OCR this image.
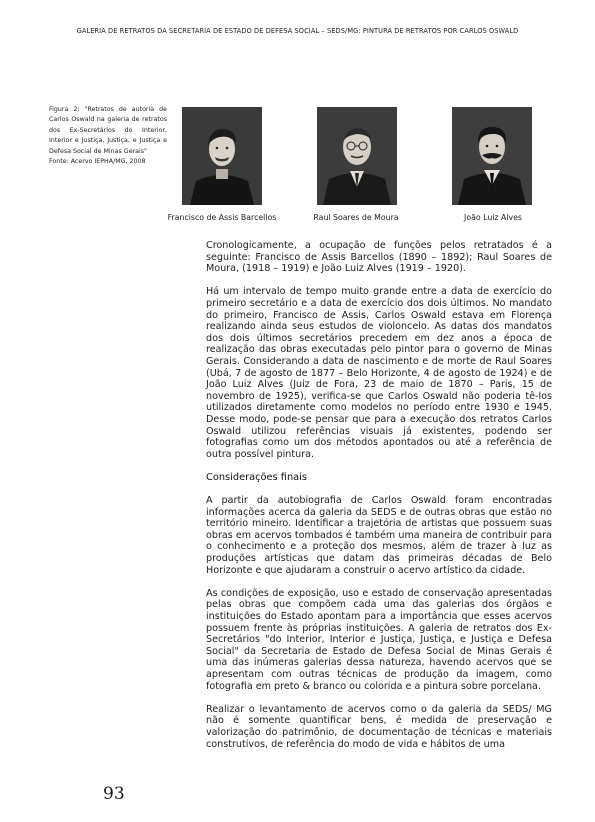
GALERIA DE RETRATOS DA SECRETARIA DE ESTADO DE DEFESA SOCIAL – SEDS/MG: PINTURA DE RETRATOS POR CARLOS OSWALD

Figura 2: "Retratos de autoria de Carlos Oswald na galeria de retratos dos Ex-Secretários do Interior, Interior e Justiça, Justiça, e Justiça e Defesa Social de Minas Gerais"

Fonte: Acervo IEPHA/MG, 2008

Francisco de Assis Barcellos	Raul Soares de Moura	João Luiz Alves

Cronologicamente, a ocupação de funções pelos retratados é a seguinte: Francisco de Assis Barcellos (1890 – 1892); Raul Soares de Moura, (1918 – 1919) e João Luiz Alves (1919 – 1920).

Há um intervalo de tempo muito grande entre a data de exercício do primeiro secretário e a data de exercício dos dois últimos. No mandato do primeiro, Francisco de Assis, Carlos Oswald estava em Florença realizando ainda seus estudos de violoncelo. As datas dos mandatos dos dois últimos secretários precedem em dez anos a época de realização das obras executadas pelo pintor para o governo de Minas Gerais. Considerando a data de nascimento e de morte de Raul Soares (Ubá, 7 de agosto de 1877 – Belo Horizonte, 4 de agosto de 1924) e de João Luiz Alves (Juiz de Fora, 23 de maio de 1870 – Paris, 15 de novembro de 1925), verifica-se que Carlos Oswald não poderia tê-los utilizados diretamente como modelos no período entre 1930 e 1945. Desse modo, pode-se pensar que para a execução dos retratos Carlos Oswald utilizou referências visuais já existentes, podendo ser fotografias como um dos métodos apontados ou até a referência de outra possível pintura.

Considerações finais

A partir da autobiografia de Carlos Oswald foram encontradas informações acerca da galeria da SEDS e de outras obras que estão no território mineiro. Identificar a trajetória de artistas que possuem suas obras em acervos tombados é também uma maneira de contribuir para o conhecimento e a proteção dos mesmos, além de trazer à luz as produções artísticas que datam das primeiras décadas de Belo Horizonte e que ajudaram a construir o acervo artístico da cidade.

As condições de exposição, uso e estado de conservação apresentadas pelas obras que compõem cada uma das galerias dos órgãos e instituições do Estado apontam para a importância que esses acervos possuem frente às próprias instituições. A galeria de retratos dos Ex-Secretários "do Interior, Interior e Justiça, Justiça, e Justiça e Defesa Social" da Secretaria de Estado de Defesa Social de Minas Gerais é uma das inúmeras galerias dessa natureza, havendo acervos que se apresentam com outras técnicas de produção da imagem, como fotografia em preto & branco ou colorida e a pintura sobre porcelana.

Realizar o levantamento de acervos como o da galeria da SEDS/ MG não é somente quantificar bens, é medida de preservação e valorização do patrimônio, de documentação de técnicas e materiais construtivos, de referência do modo de vida e hábitos de uma

93
